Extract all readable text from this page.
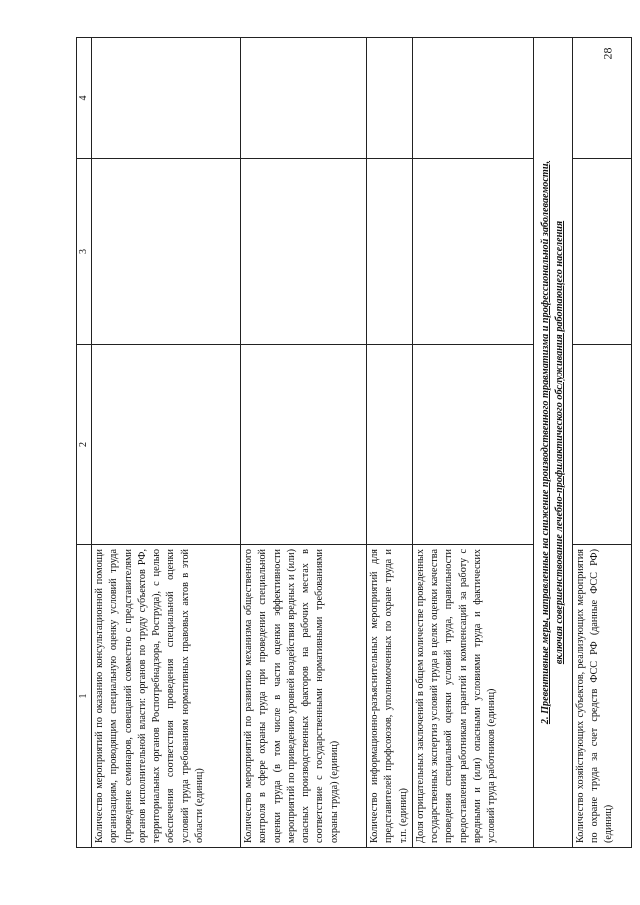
28
1	2	3	4
Количество мероприятий по оказанию консультационной помощи организациям, проводящим специальную оценку условий труда (проведение семинаров, совещаний совместно с представителями органов исполнительной власти: органов по труду субъектов РФ, территориальных органов Роспотребнадзора, Роструда), с целью обеспечения соответствия проведения специальной оценки условий труда требованиям нормативных правовых актов в этой области (единиц)			
Количество мероприятий по развитию механизма общественного контроля в сфере охраны труда при проведении специальной оценки труда (в том числе в части оценки эффективности мероприятий по приведению уровней воздействия вредных и (или) опасных производственных факторов на рабочих местах в соответствие с государственными нормативными требованиями охраны труда) (единиц)			
Количество информационно-разъяснительных мероприятий для представителей профсоюзов, уполномоченных по охране труда и т.п. (единиц)			
Доля отрицательных заключений в общем количестве проведенных государственных экспертиз условий труда в целях оценки качества проведения специальной оценки условий труда, правильности предоставления работникам гарантий и компенсаций за работу с вредными и (или) опасными условиями труда и фактических условий труда работников (единиц)			

2. Превентивные меры, направленные на снижение производственного травматизма и профессиональной заболеваемости, включая совершенствование лечебно-профилактического обслуживания работающего населения			

Количество хозяйствующих субъектов, реализующих мероприятия по охране труда за счет средств ФСС РФ (данные ФСС РФ) (единиц)			
